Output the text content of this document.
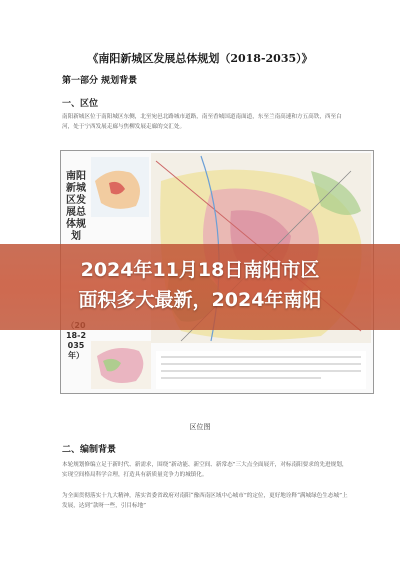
《南阳新城区发展总体规划（2018-2035）》
第一部分 规划背景
一、区位
南阳新城区位于南阳城区东侧，北至宛邑北路城市道路，南至香城国道南面道，东至兰南高速和方五高铁，西至白河，处于宁西发展走廊与焦柳发展走廊的交汇处。
南阳新城区发展总体规划
18-2035年）
2024年11月18日南阳市区
面积多大最新，2024年南阳
区位图
二、编制背景
本轮规划修编立足于新时代、新需求，围绕“新动能、新空间、新常态”三大点全面展开，对标南阳要求的先进规划，实现空间格局科学合理，打造具有新质量竞争力的城镇化。
为全面贯彻落实十九大精神，落实省委省政府对南阳“豫西南区域中心城市”的定位，更好地诠释“满城绿色生态城”上发展，达到“款呀一些，引目标地”
